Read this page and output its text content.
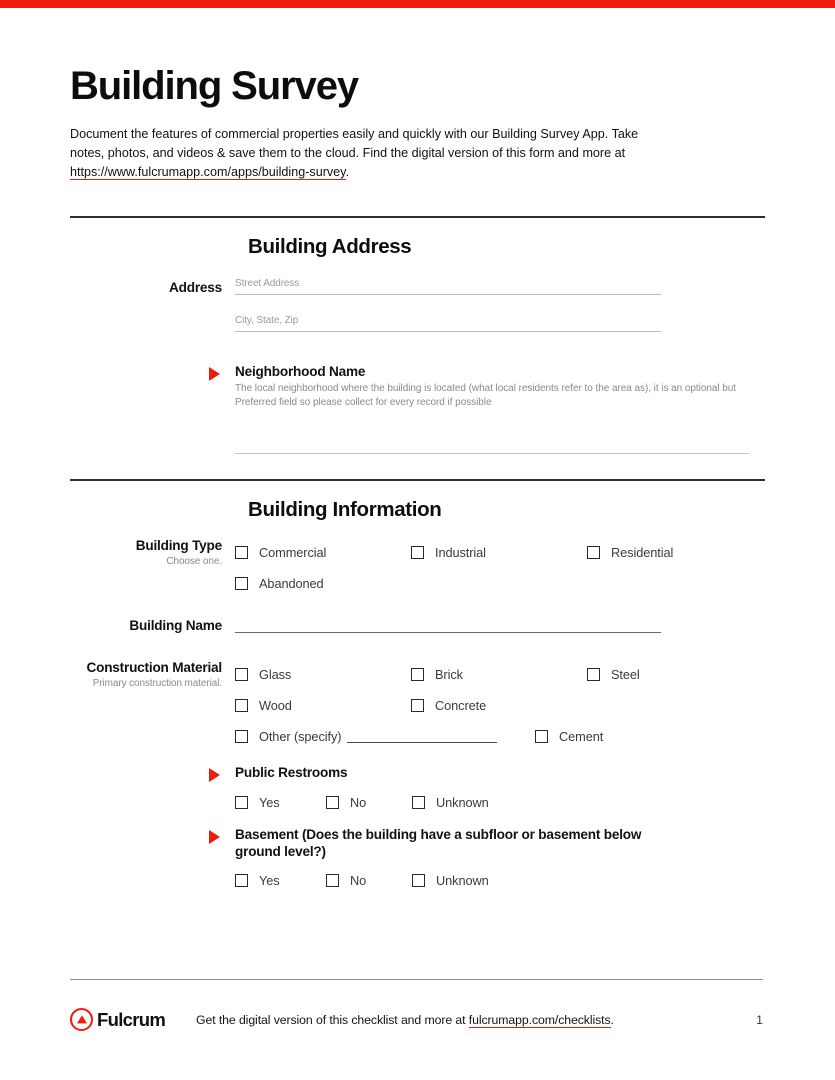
Building Survey

Document the features of commercial properties easily and quickly with our Building Survey App. Take notes, photos, and videos & save them to the cloud. Find the digital version of this form and more at https://www.fulcrumapp.com/apps/building-survey.

Building Address
Address Street Address
City, State, Zip
Neighborhood Name
The local neighborhood where the building is located (what local residents refer to the area as), it is an optional but Preferred field so please collect for every record if possible
Building Information
Building Type
Choose one.
Commercial	Industrial	Residential
Abandoned
Building Name
Construction Material
Primary construction material.
Glass	Brick	Steel
Wood	Concrete
Other (specify)	Cement
Public Restrooms
Yes	No	Unknown
Basement (Does the building have a subfloor or basement below ground level?)
Yes	No	Unknown
Fulcrum	Get the digital version of this checklist and more at fulcrumapp.com/checklists.	1
